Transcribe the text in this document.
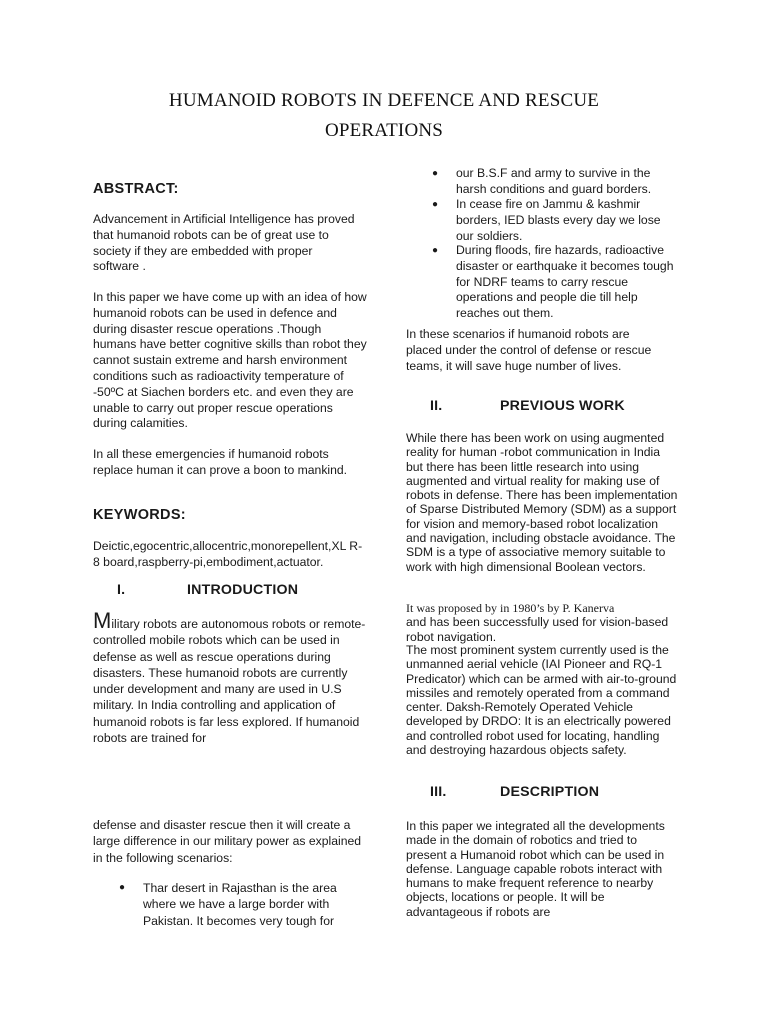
HUMANOID ROBOTS IN DEFENCE AND RESCUE
OPERATIONS
ABSTRACT:

Advancement in Artificial Intelligence has proved that humanoid robots can be of great use to society if they are embedded with proper software .

In this paper we have come up with an idea of how humanoid robots can be used in defence and during disaster rescue operations .Though humans have better cognitive skills than robot they cannot sustain extreme and harsh environment conditions such as radioactivity temperature of -50ºC at Siachen borders etc. and even they are unable to carry out proper rescue operations during calamities.

In all these emergencies if humanoid robots replace human it can prove a boon to mankind.

KEYWORDS:

Deictic,egocentric,allocentric,monorepellent,XL R-8 board,raspberry-pi,embodiment,actuator.

I.	INTRODUCTION

Military robots are autonomous robots or remote-controlled mobile robots which can be used in defense as well as rescue operations during disasters. These humanoid robots are currently under development and many are used in U.S military. In India controlling and application of humanoid robots is far less explored. If humanoid robots are trained for

defense and disaster rescue then it will create a large difference in our military power as explained in the following scenarios:

● Thar desert in Rajasthan is the area where we have a large border with Pakistan. It becomes very tough for
● our B.S.F and army to survive in the harsh conditions and guard borders.
● In cease fire on Jammu & kashmir borders, IED blasts every day we lose our soldiers.
● During floods, fire hazards, radioactive disaster or earthquake it becomes tough for NDRF teams to carry rescue operations and people die till help reaches out them.

In these scenarios if humanoid robots are placed under the control of defense or rescue teams, it will save huge number of lives.

II.	PREVIOUS WORK

While there has been work on using augmented reality for human -robot communication in India but there has been little research into using augmented and virtual reality for making use of robots in defense. There has been implementation of Sparse Distributed Memory (SDM) as a support for vision and memory-based robot localization and navigation, including obstacle avoidance. The SDM is a type of associative memory suitable to work with high dimensional Boolean vectors.

It was proposed by in 1980’s by P. Kanerva
and has been successfully used for vision-based robot navigation.

The most prominent system currently used is the unmanned aerial vehicle (IAI Pioneer and RQ-1 Predicator) which can be armed with air-to-ground missiles and remotely operated from a command center. Daksh-Remotely Operated Vehicle developed by DRDO: It is an electrically powered and controlled robot used for locating, handling and destroying hazardous objects safety.

III.	DESCRIPTION

In this paper we integrated all the developments made in the domain of robotics and tried to present a Humanoid robot which can be used in defense. Language capable robots interact with humans to make frequent reference to nearby objects, locations or people. It will be advantageous if robots are
